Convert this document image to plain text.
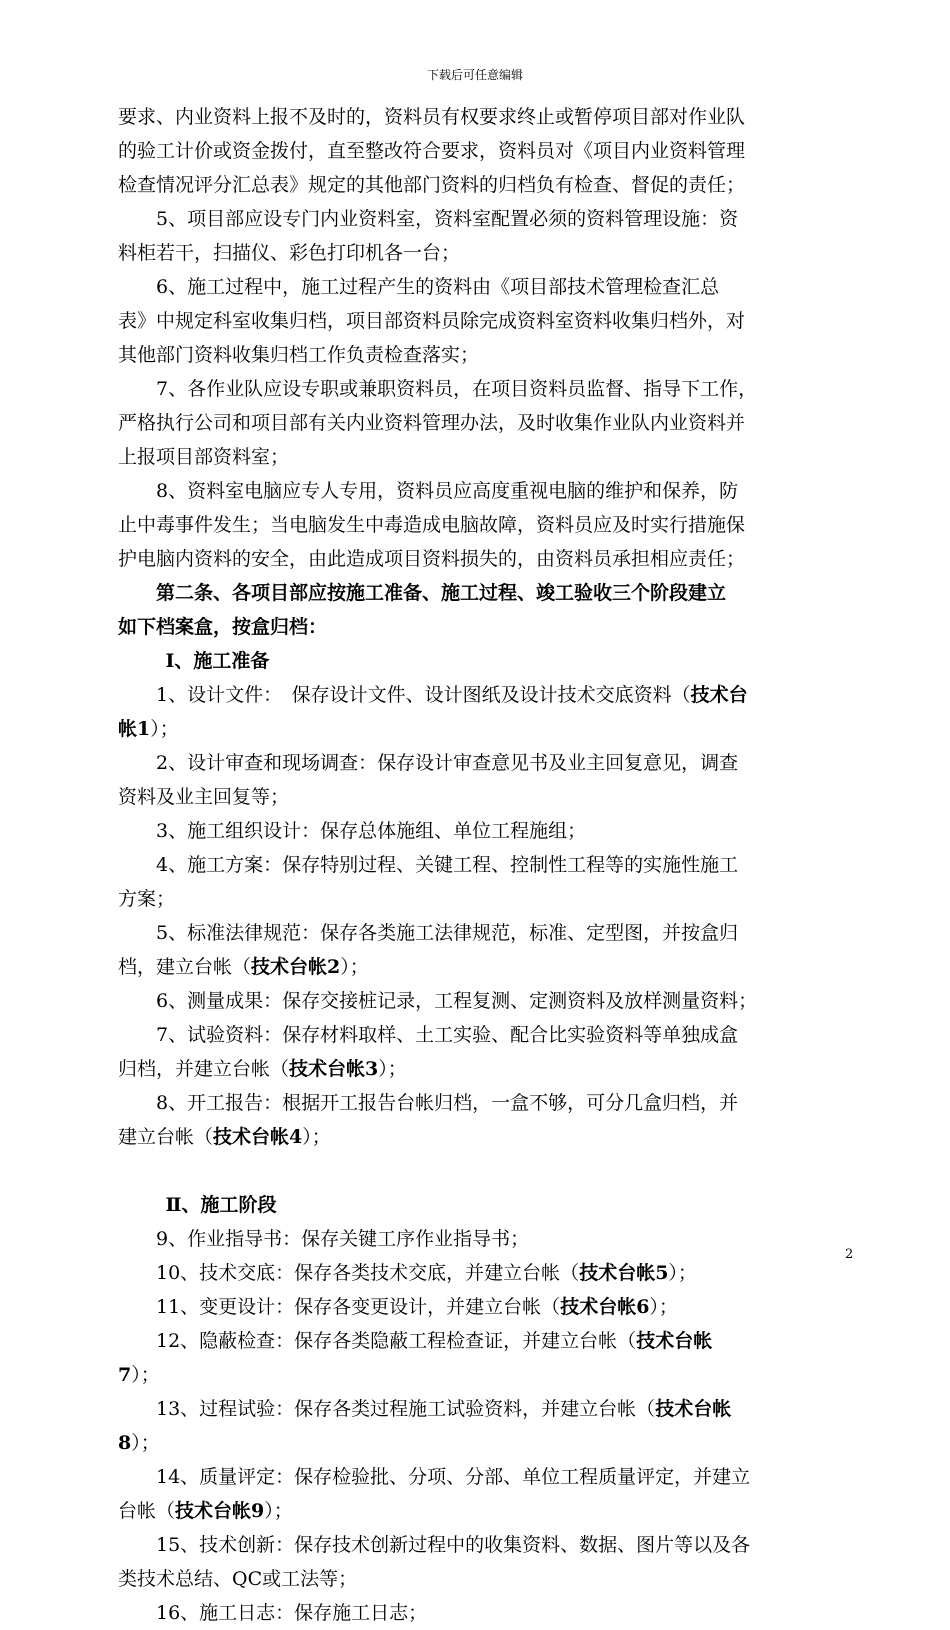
下载后可任意编辑
要求、内业资料上报不及时的，资料员有权要求终止或暂停项目部对作业队
的验工计价或资金拨付，直至整改符合要求，资料员对《项目内业资料管理
检查情况评分汇总表》规定的其他部门资料的归档负有检查、督促的责任；
5、项目部应设专门内业资料室，资料室配置必须的资料管理设施：资
料柜若干，扫描仪、彩色打印机各一台；
6、施工过程中，施工过程产生的资料由《项目部技术管理检查汇总
表》中规定科室收集归档，项目部资料员除完成资料室资料收集归档外，对
其他部门资料收集归档工作负责检查落实；
7、各作业队应设专职或兼职资料员，在项目资料员监督、指导下工作，
严格执行公司和项目部有关内业资料管理办法，及时收集作业队内业资料并
上报项目部资料室；
8、资料室电脑应专人专用，资料员应高度重视电脑的维护和保养，防
止中毒事件发生；当电脑发生中毒造成电脑故障，资料员应及时实行措施保
护电脑内资料的安全，由此造成项目资料损失的，由资料员承担相应责任；
第二条、各项目部应按施工准备、施工过程、竣工验收三个阶段建立
如下档案盒，按盒归档：
Ⅰ、施工准备
1、设计文件：　保存设计文件、设计图纸及设计技术交底资料（技术台
帐1）；
2、设计审查和现场调查：保存设计审查意见书及业主回复意见，调查
资料及业主回复等；
3、施工组织设计：保存总体施组、单位工程施组；
4、施工方案：保存特别过程、关键工程、控制性工程等的实施性施工
方案；
5、标准法律规范：保存各类施工法律规范，标准、定型图，并按盒归
档，建立台帐（技术台帐2）；
6、测量成果：保存交接桩记录，工程复测、定测资料及放样测量资料；
7、试验资料：保存材料取样、土工实验、配合比实验资料等单独成盒
归档，并建立台帐（技术台帐3）；
8、开工报告：根据开工报告台帐归档，一盒不够，可分几盒归档，并
建立台帐（技术台帐4）；
Ⅱ、施工阶段
9、作业指导书：保存关键工序作业指导书；
10、技术交底：保存各类技术交底，并建立台帐（技术台帐5）；
11、变更设计：保存各变更设计，并建立台帐（技术台帐6）；
12、隐蔽检查：保存各类隐蔽工程检查证，并建立台帐（技术台帐
7）；
13、过程试验：保存各类过程施工试验资料，并建立台帐（技术台帐
8）；
14、质量评定：保存检验批、分项、分部、单位工程质量评定，并建立
台帐（技术台帐9）；
15、技术创新：保存技术创新过程中的收集资料、数据、图片等以及各
类技术总结、QC或工法等；
16、施工日志：保存施工日志；
2
